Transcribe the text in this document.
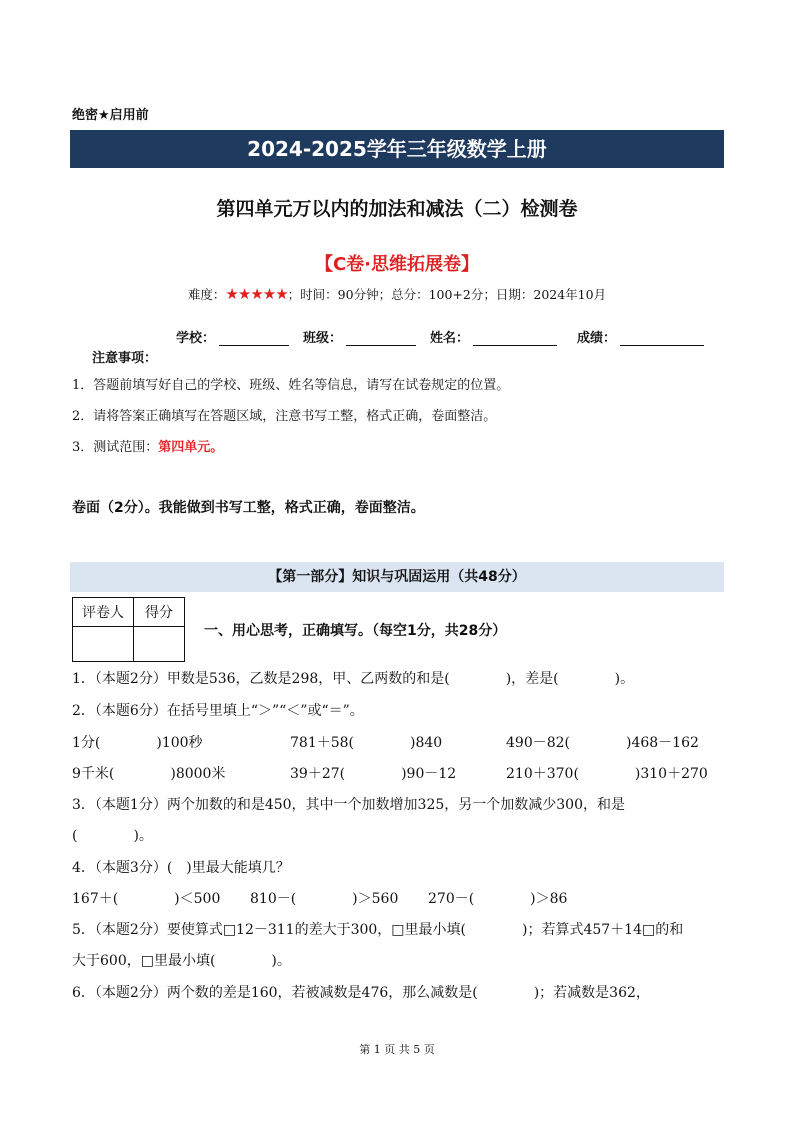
绝密★启用前
2024-2025学年三年级数学上册
第四单元万以内的加法和减法（二）检测卷
【C卷·思维拓展卷】
难度：★★★★★；时间：90分钟；总分：100+2分；日期：2024年10月
学校：	班级：	姓名：	成绩：
注意事项：
1．答题前填写好自己的学校、班级、姓名等信息，请写在试卷规定的位置。
2．请将答案正确填写在答题区域，注意书写工整，格式正确，卷面整洁。
3．测试范围：第四单元。
卷面（2分）。我能做到书写工整，格式正确，卷面整洁。
【第一部分】知识与巩固运用（共48分）
评卷人	得分

一、用心思考，正确填写。（每空1分，共28分）
1．（本题2分）甲数是536，乙数是298，甲、乙两数的和是(　　　　)，差是(　　　　)。
2．（本题6分）在括号里填上“＞”“＜”或“＝”。
1分(　　　　)100秒	781＋58(　　　　)840	490－82(　　　　)468－162
9千米(　　　　)8000米	39＋27(　　　　)90－12	210＋370(　　　　)310＋270
3．（本题1分）两个加数的和是450，其中一个加数增加325，另一个加数减少300，和是
(　　　　)。
4．（本题3分）(　)里最大能填几？
167＋(　　　　)＜500 810－(　　　　)＞560 270－(　　　　)＞86
5．（本题2分）要使算式□12－311的差大于300，□里最小填(　　　　)；若算式457＋14□的和
大于600，□里最小填(　　　　)。
6．（本题2分）两个数的差是160，若被减数是476，那么减数是(　　　　)；若减数是362，
第 1 页 共 5 页
